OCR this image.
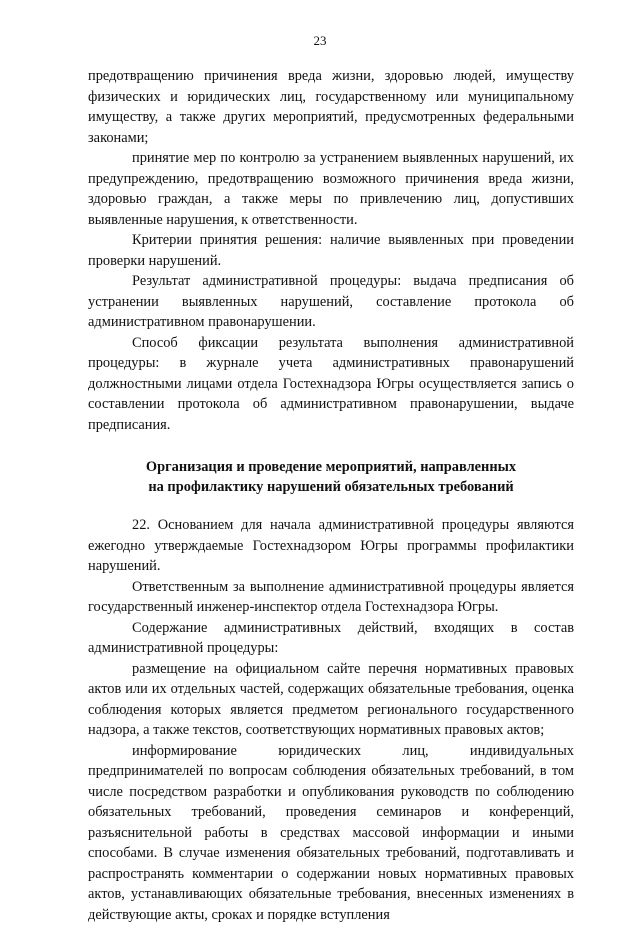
23

предотвращению причинения вреда жизни, здоровью людей, имуществу физических и юридических лиц, государственному или муниципальному имуществу, а также других мероприятий, предусмотренных федеральными законами;

принятие мер по контролю за устранением выявленных нарушений, их предупреждению, предотвращению возможного причинения вреда жизни, здоровью граждан, а также меры по привлечению лиц, допустивших выявленные нарушения, к ответственности.

Критерии принятия решения: наличие выявленных при проведении проверки нарушений.

Результат административной процедуры: выдача предписания об устранении выявленных нарушений, составление протокола об административном правонарушении.

Способ фиксации результата выполнения административной процедуры: в журнале учета административных правонарушений должностными лицами отдела Гостехнадзора Югры осуществляется запись о составлении протокола об административном правонарушении, выдаче предписания.

Организация и проведение мероприятий, направленных
на профилактику нарушений обязательных требований

22. Основанием для начала административной процедуры являются ежегодно утверждаемые Гостехнадзором Югры программы профилактики нарушений.

Ответственным за выполнение административной процедуры является государственный инженер-инспектор отдела Гостехнадзора Югры.

Содержание административных действий, входящих в состав административной процедуры:

размещение на официальном сайте перечня нормативных правовых актов или их отдельных частей, содержащих обязательные требования, оценка соблюдения которых является предметом регионального государственного надзора, а также текстов, соответствующих нормативных правовых актов;

информирование юридических лиц, индивидуальных предпринимателей по вопросам соблюдения обязательных требований, в том числе посредством разработки и опубликования руководств по соблюдению обязательных требований, проведения семинаров и конференций, разъяснительной работы в средствах массовой информации и иными способами. В случае изменения обязательных требований, подготавливать и распространять комментарии о содержании новых нормативных правовых актов, устанавливающих обязательные требования, внесенных изменениях в действующие акты, сроках и порядке вступления
